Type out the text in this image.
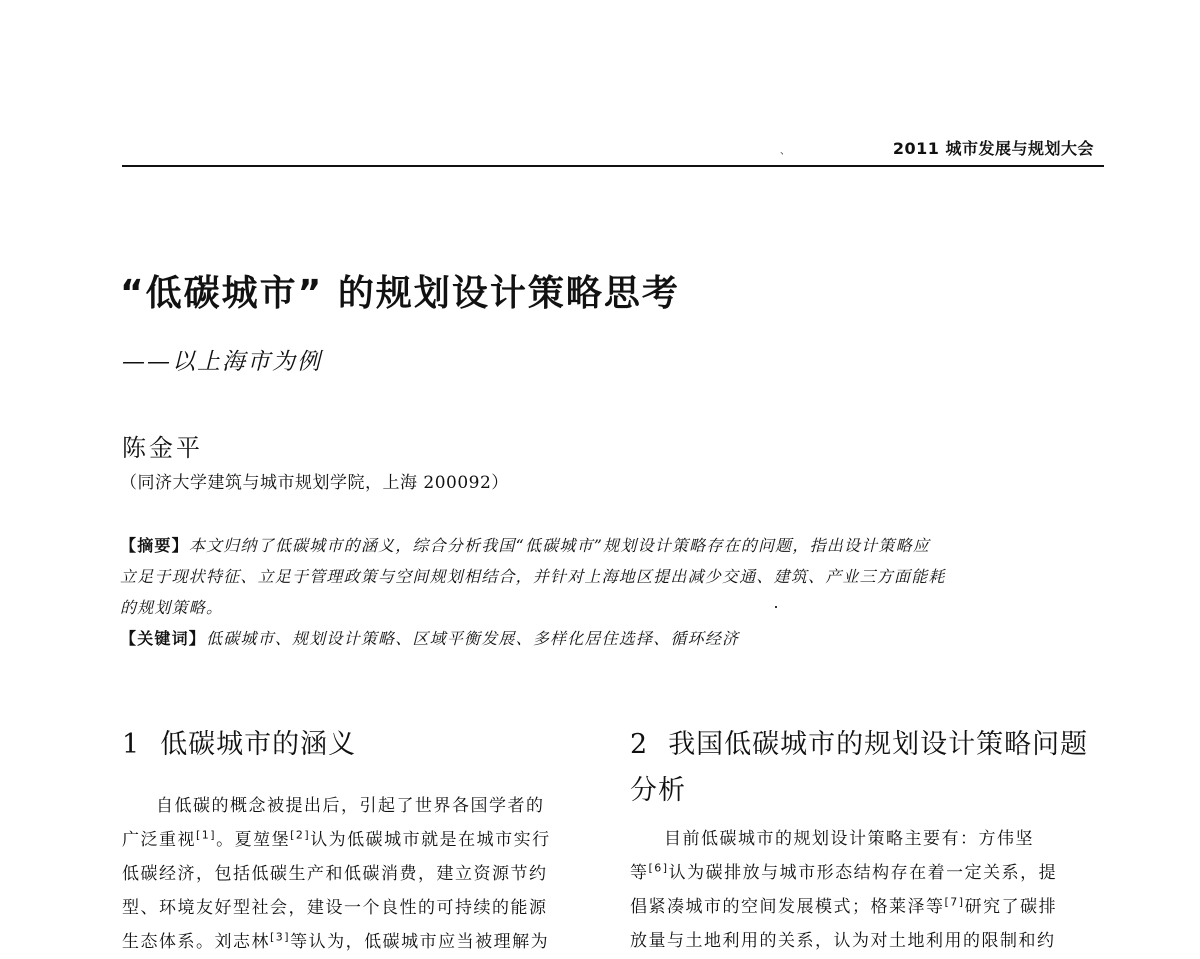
、	2011 城市发展与规划大会
“低碳城市” 的规划设计策略思考
——以上海市为例
陈金平
（同济大学建筑与城市规划学院，上海 200092）
【摘要】本文归纳了低碳城市的涵义，综合分析我国“低碳城市”规划设计策略存在的问题，指出设计策略应
立足于现状特征、立足于管理政策与空间规划相结合，并针对上海地区提出减少交通、建筑、产业三方面能耗
的规划策略。
【关键词】低碳城市、规划设计策略、区域平衡发展、多样化居住选择、循环经济
1 低碳城市的涵义
自低碳的概念被提出后，引起了世界各国学者的
广泛重视[1]。夏堃堡[2]认为低碳城市就是在城市实行
低碳经济，包括低碳生产和低碳消费，建立资源节约
型、环境友好型社会，建设一个良性的可持续的能源
生态体系。刘志林[3]等认为，低碳城市应当被理解为
2 我国低碳城市的规划设计策略问题
分析
目前低碳城市的规划设计策略主要有：方伟坚
等[6]认为碳排放与城市形态结构存在着一定关系，提
倡紧凑城市的空间发展模式；格莱泽等[7]研究了碳排
放量与土地利用的关系，认为对土地利用的限制和约
